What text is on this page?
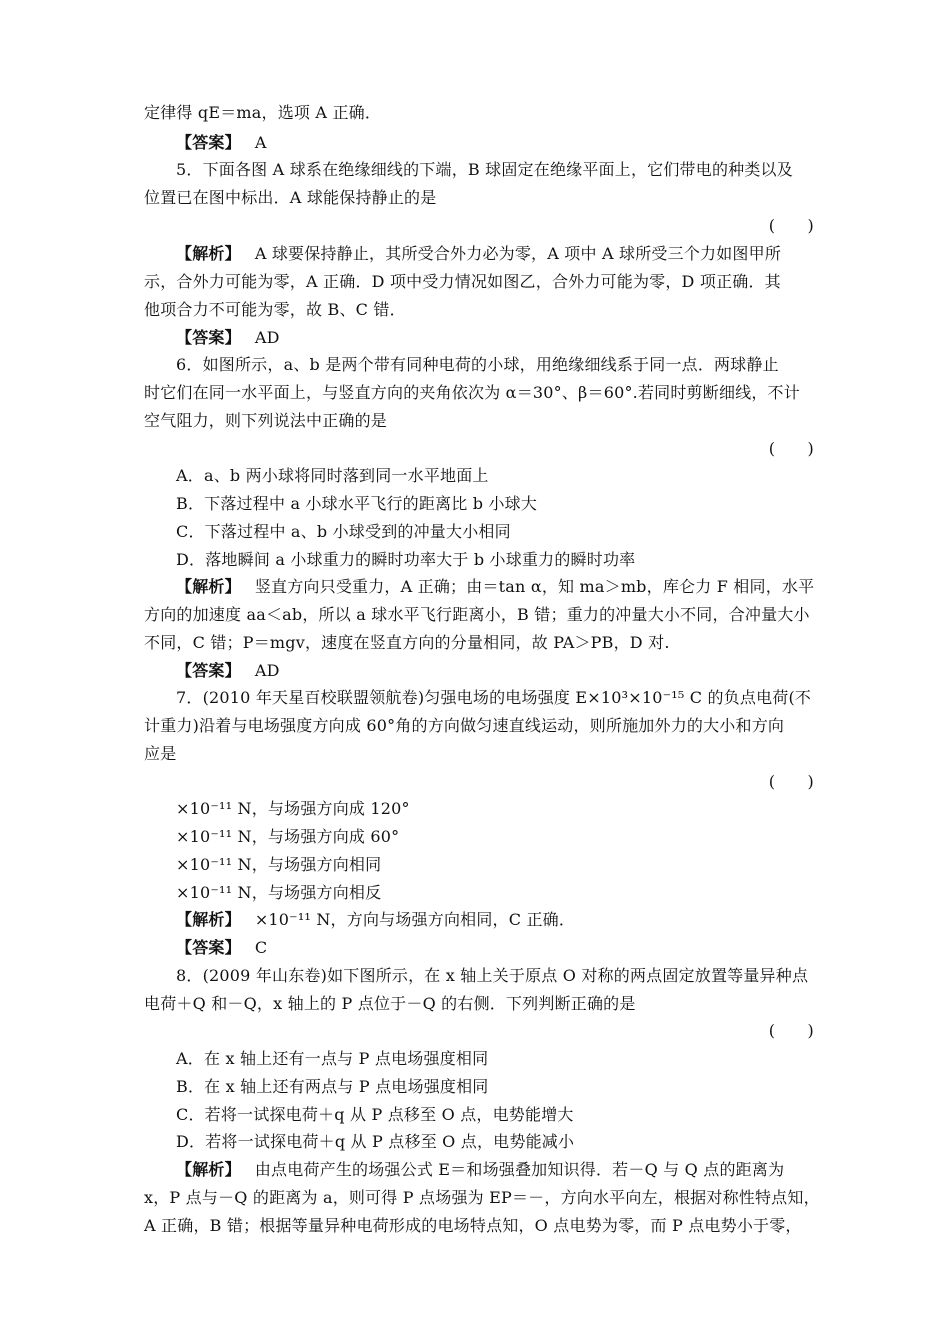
定律得 qE＝ma，选项 A 正确．
【答案】 A
5．下面各图 A 球系在绝缘细线的下端，B 球固定在绝缘平面上，它们带电的种类以及
位置已在图中标出．A 球能保持静止的是
(　　)
【解析】 A 球要保持静止，其所受合外力必为零，A 项中 A 球所受三个力如图甲所
示，合外力可能为零，A 正确．D 项中受力情况如图乙，合外力可能为零，D 项正确．其
他项合力不可能为零，故 B、C 错．
【答案】 AD
6．如图所示，a、b 是两个带有同种电荷的小球，用绝缘细线系于同一点．两球静止
时它们在同一水平面上，与竖直方向的夹角依次为 α＝30°、β＝60°.若同时剪断细线，不计
空气阻力，则下列说法中正确的是
(　　)
A．a、b 两小球将同时落到同一水平地面上
B．下落过程中 a 小球水平飞行的距离比 b 小球大
C．下落过程中 a、b 小球受到的冲量大小相同
D．落地瞬间 a 小球重力的瞬时功率大于 b 小球重力的瞬时功率
【解析】 竖直方向只受重力，A 正确；由＝tan α，知 ma＞mb，库仑力 F 相同，水平
方向的加速度 aa＜ab，所以 a 球水平飞行距离小，B 错；重力的冲量大小不同，合冲量大小
不同，C 错；P＝mgv，速度在竖直方向的分量相同，故 PA＞PB，D 对.
【答案】 AD
7．(2010 年天星百校联盟领航卷)匀强电场的电场强度 E×10³×10⁻¹⁵ C 的负点电荷(不
计重力)沿着与电场强度方向成 60°角的方向做匀速直线运动，则所施加外力的大小和方向
应是
(　　)
×10⁻¹¹ N，与场强方向成 120°
×10⁻¹¹ N，与场强方向成 60°
×10⁻¹¹ N，与场强方向相同
×10⁻¹¹ N，与场强方向相反
【解析】 ×10⁻¹¹ N，方向与场强方向相同，C 正确．
【答案】 C
8．(2009 年山东卷)如下图所示，在 x 轴上关于原点 O 对称的两点固定放置等量异种点
电荷＋Q 和－Q，x 轴上的 P 点位于－Q 的右侧．下列判断正确的是
(　　)
A．在 x 轴上还有一点与 P 点电场强度相同
B．在 x 轴上还有两点与 P 点电场强度相同
C．若将一试探电荷＋q 从 P 点移至 O 点，电势能增大
D．若将一试探电荷＋q 从 P 点移至 O 点，电势能减小
【解析】 由点电荷产生的场强公式 E＝和场强叠加知识得．若－Q 与 Q 点的距离为
x，P 点与－Q 的距离为 a，则可得 P 点场强为 EP＝－，方向水平向左，根据对称性特点知，
A 正确，B 错；根据等量异种电荷形成的电场特点知，O 点电势为零，而 P 点电势小于零，
